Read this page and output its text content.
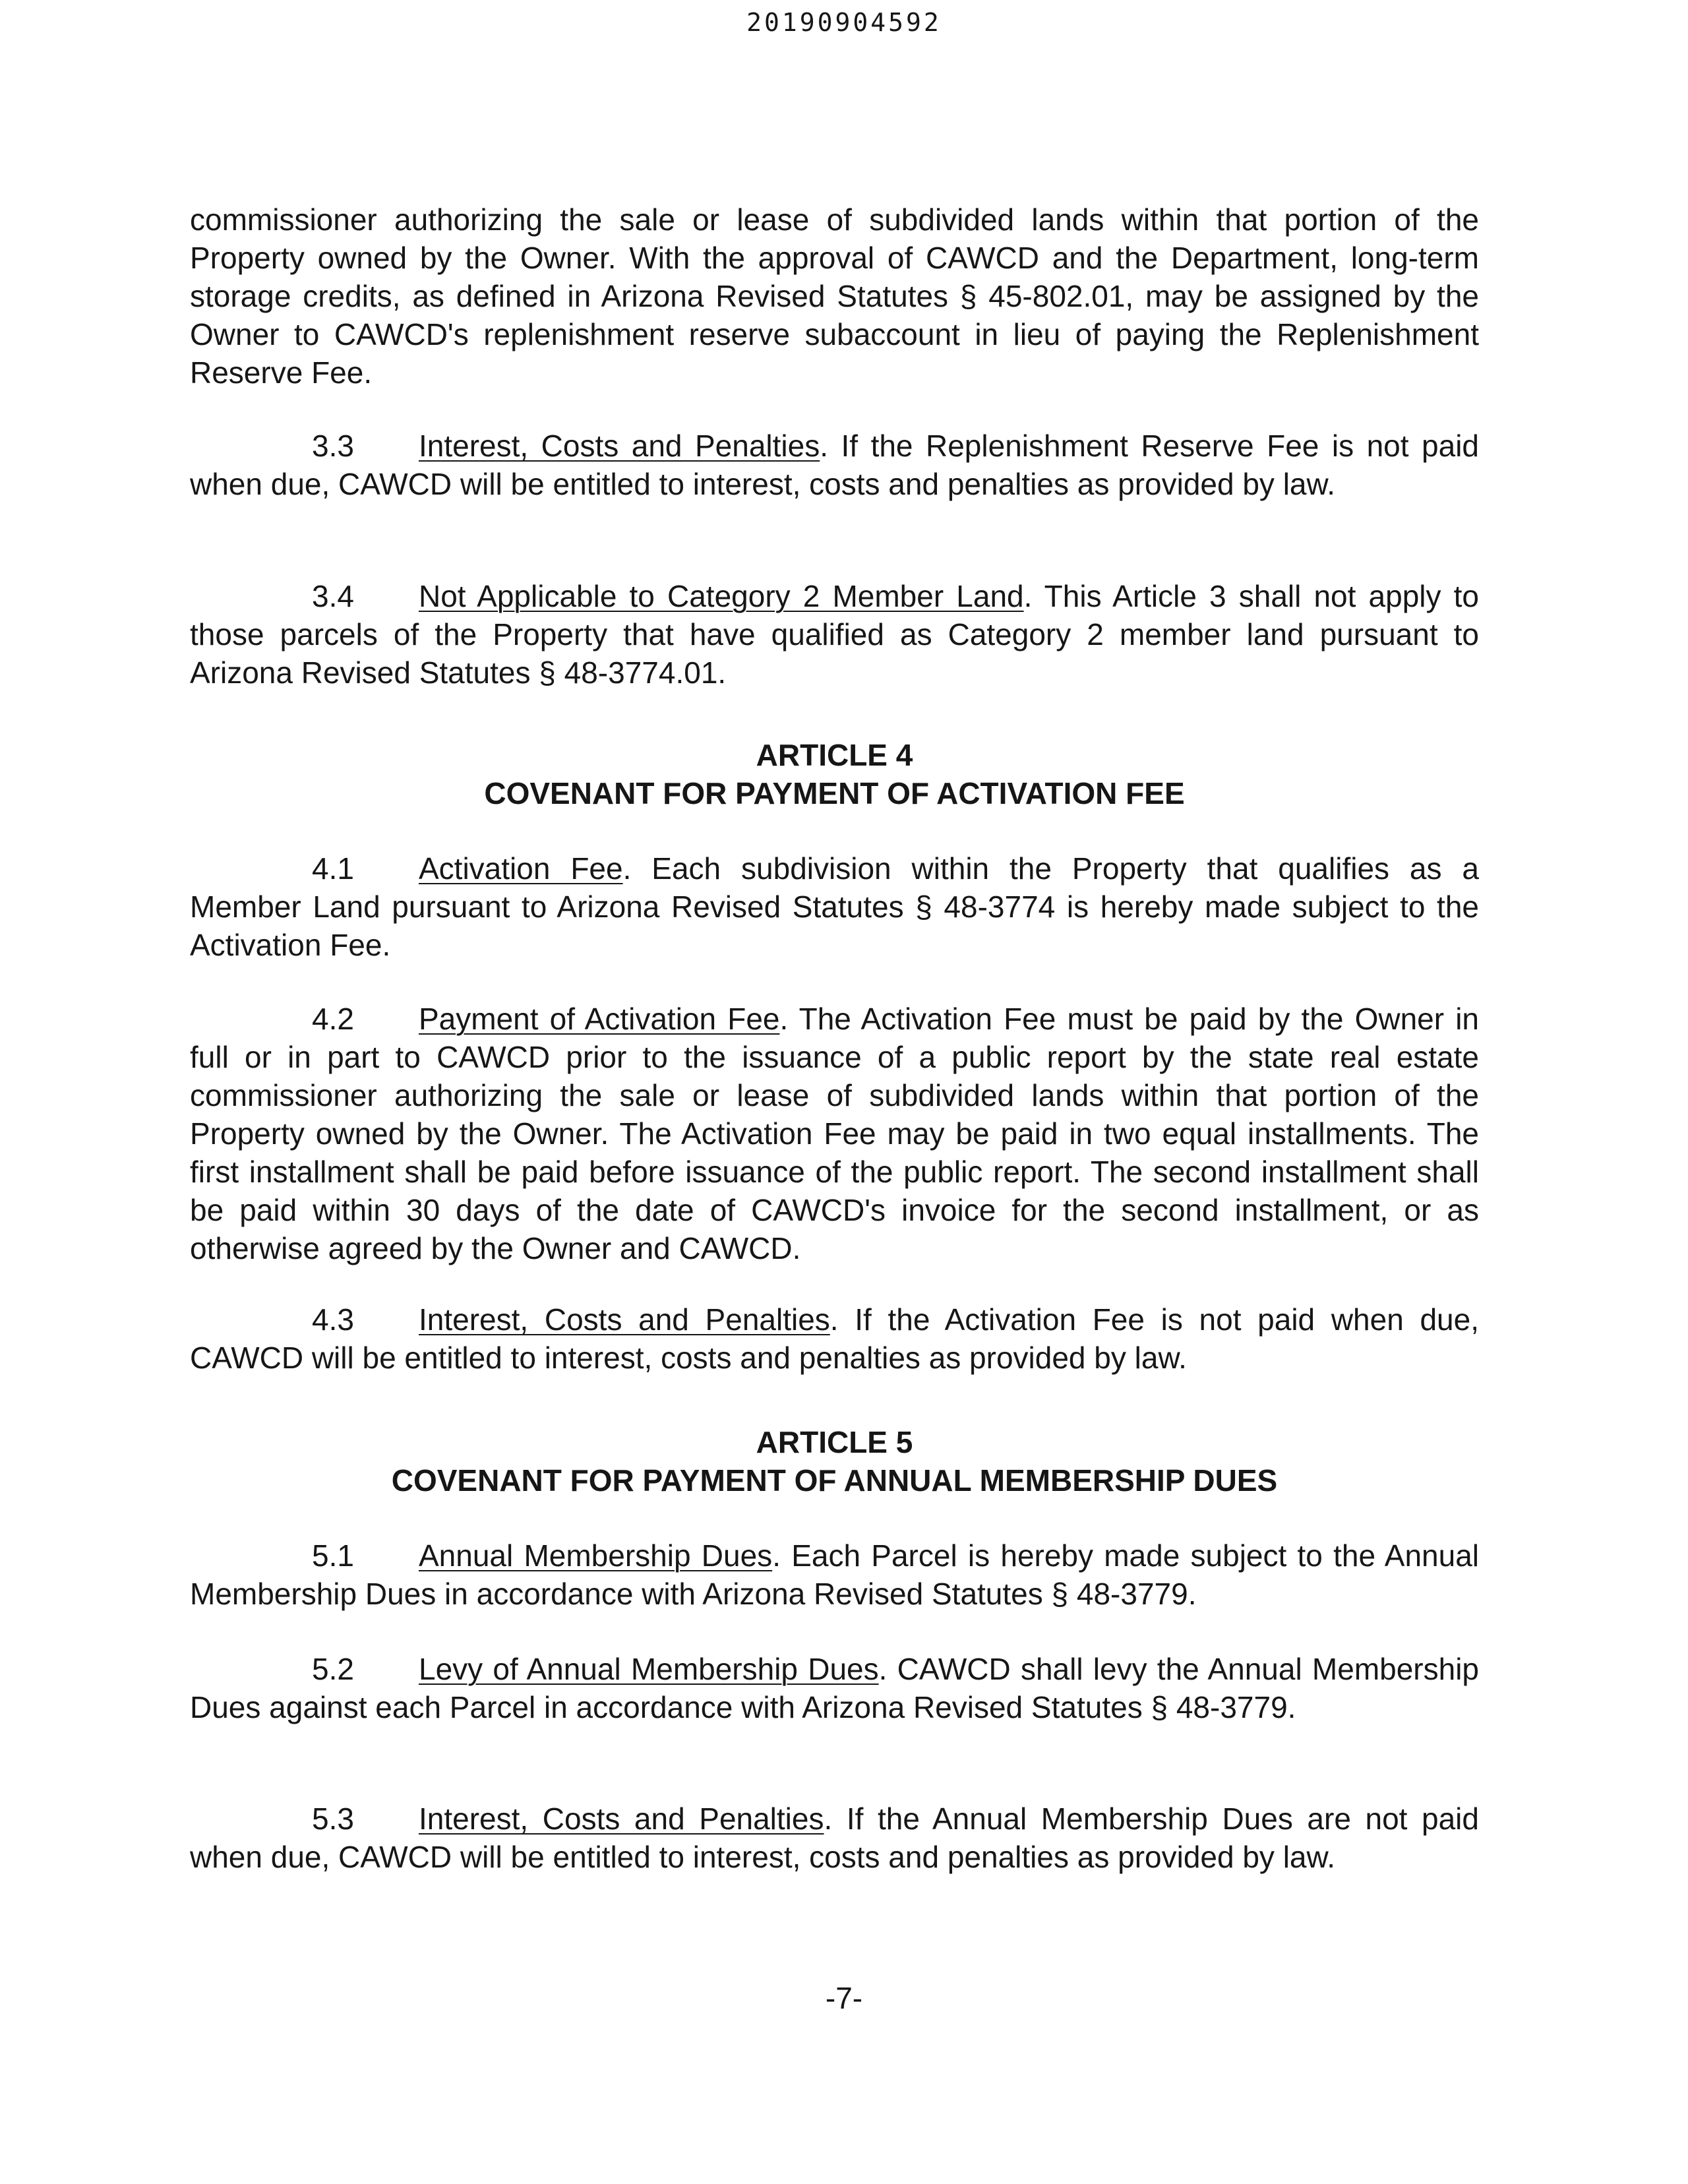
20190904592

commissioner authorizing the sale or lease of subdivided lands within that portion of the Property owned by the Owner. With the approval of CAWCD and the Department, long-term storage credits, as defined in Arizona Revised Statutes § 45-802.01, may be assigned by the Owner to CAWCD's replenishment reserve subaccount in lieu of paying the Replenishment Reserve Fee.

3.3 Interest, Costs and Penalties. If the Replenishment Reserve Fee is not paid when due, CAWCD will be entitled to interest, costs and penalties as provided by law.

3.4 Not Applicable to Category 2 Member Land. This Article 3 shall not apply to those parcels of the Property that have qualified as Category 2 member land pursuant to Arizona Revised Statutes § 48-3774.01.

ARTICLE 4
COVENANT FOR PAYMENT OF ACTIVATION FEE

4.1 Activation Fee. Each subdivision within the Property that qualifies as a Member Land pursuant to Arizona Revised Statutes § 48-3774 is hereby made subject to the Activation Fee.

4.2 Payment of Activation Fee. The Activation Fee must be paid by the Owner in full or in part to CAWCD prior to the issuance of a public report by the state real estate commissioner authorizing the sale or lease of subdivided lands within that portion of the Property owned by the Owner. The Activation Fee may be paid in two equal installments. The first installment shall be paid before issuance of the public report. The second installment shall be paid within 30 days of the date of CAWCD's invoice for the second installment, or as otherwise agreed by the Owner and CAWCD.

4.3 Interest, Costs and Penalties. If the Activation Fee is not paid when due, CAWCD will be entitled to interest, costs and penalties as provided by law.

ARTICLE 5
COVENANT FOR PAYMENT OF ANNUAL MEMBERSHIP DUES

5.1 Annual Membership Dues. Each Parcel is hereby made subject to the Annual Membership Dues in accordance with Arizona Revised Statutes § 48-3779.

5.2 Levy of Annual Membership Dues. CAWCD shall levy the Annual Membership Dues against each Parcel in accordance with Arizona Revised Statutes § 48-3779.

5.3 Interest, Costs and Penalties. If the Annual Membership Dues are not paid when due, CAWCD will be entitled to interest, costs and penalties as provided by law.

-7-
